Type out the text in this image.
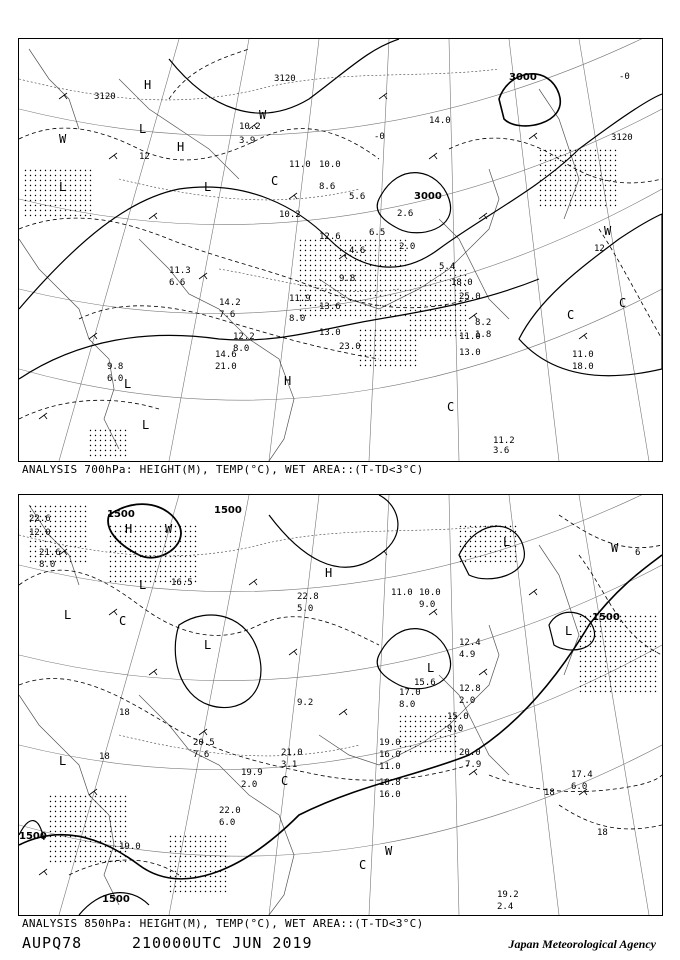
3120
3120	3000
3000
3120
H
H
L
L	L
W
W
W
C
C
C
L
L
H
C
12
-0
-0
12
11.0 10.0
8.6
5.6
10.2
6.5
12.6
4.6	2.0
9.8
13.6
5.4
18.0
25.0
11.9
8.0
13.0
23.0
14.0
2.6
11.0
13.0
8.2
1.8
11.0
18.0
11.2
3.6
14.2
7.6
12.2
8.0
14.6
21.0
9.8
6.0
10.2
3.9
11.3
6.6
ANALYSIS 700hPa: HEIGHT(M), TEMP(°C), WET AREA::(T-TD<3°C)
1500	1500
1500
1500
1500
H	W
L
L	C
L
H
L
L
L
W
C
W
C
L
6
18
18
18
18
22.6
12.0
16.5
21.6
8.0
19.0
22.0
6.0
17.4
6.0
19.2
2.4
11.0 10.0
9.0
15.6
12.8
2.0
15.0
9.0
20.0
7.9
16.0
11.0
12.4
4.9
19.0
9.2
18.8
16.0
21.0
3.1
19.9
2.0
17.0
8.0
20.5
7.6
22.8
5.0
ANALYSIS 850hPa: HEIGHT(M), TEMP(°C), WET AREA::(T-TD<3°C)
AUPQ78	210000UTC JUN 2019	Japan Meteorological Agency
